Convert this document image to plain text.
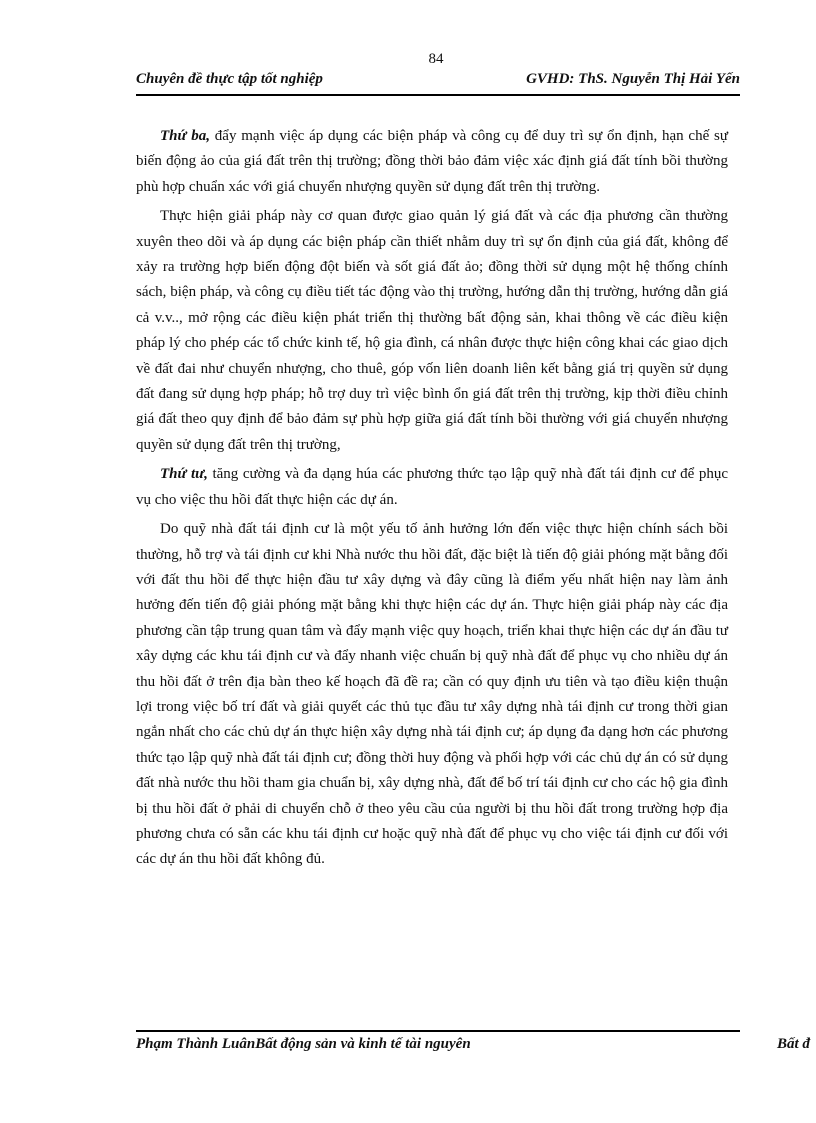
84
Chuyên đề thực tập tốt nghiệp	GVHD: ThS. Nguyễn Thị Hải Yến

Thứ ba, đẩy mạnh việc áp dụng các biện pháp và công cụ để duy trì sự ổn định, hạn chế sự biến động ảo của giá đất trên thị trường; đồng thời bảo đảm việc xác định giá đất tính bồi thường phù hợp chuẩn xác với giá chuyển nhượng quyền sử dụng đất trên thị trường.

Thực hiện giải pháp này cơ quan được giao quản lý giá đất và các địa phương cần thường xuyên theo dõi và áp dụng các biện pháp cần thiết nhằm duy trì sự ổn định của giá đất, không để xảy ra trường hợp biến động đột biến và sốt giá đất ảo; đồng thời sử dụng một hệ thống chính sách, biện pháp, và công cụ điều tiết tác động vào thị trường, hướng dẫn thị trường, hướng dẫn giá cả v.v.., mở rộng các điều kiện phát triển thị thường bất động sản, khai thông về các điều kiện pháp lý cho phép các tổ chức kinh tế, hộ gia đình, cá nhân được thực hiện công khai các giao dịch về đất đai như chuyển nhượng, cho thuê, góp vốn liên doanh liên kết bằng giá trị quyền sử dụng đất đang sử dụng hợp pháp; hỗ trợ duy trì việc bình ổn giá đất trên thị trường, kịp thời điều chỉnh giá đất theo quy định để bảo đảm sự phù hợp giữa giá đất tính bồi thường với giá chuyển nhượng quyền sử dụng đất trên thị trường,

Thứ tư, tăng cường và đa dạng húa các phương thức tạo lập quỹ nhà đất tái định cư để phục vụ cho việc thu hồi đất thực hiện các dự án.

Do quỹ nhà đất tái định cư là một yếu tố ảnh hưởng lớn đến việc thực hiện chính sách bồi thường, hỗ trợ và tái định cư khi Nhà nước thu hồi đất, đặc biệt là tiến độ giải phóng mặt bằng đối với đất thu hồi để thực hiện đầu tư xây dựng và đây cũng là điểm yếu nhất hiện nay làm ảnh hưởng đến tiến độ giải phóng mặt bằng khi thực hiện các dự án. Thực hiện giải pháp này các địa phương cần tập trung quan tâm và đẩy mạnh việc quy hoạch, triển khai thực hiện các dự án đầu tư xây dựng các khu tái định cư và đẩy nhanh việc chuẩn bị quỹ nhà đất để phục vụ cho nhiều dự án thu hồi đất ở trên địa bàn theo kế hoạch đã đề ra; cần có quy định ưu tiên và tạo điều kiện thuận lợi trong việc bố trí đất và giải quyết các thủ tục đầu tư xây dựng nhà tái định cư trong thời gian ngắn nhất cho các chủ dự án thực hiện xây dựng nhà tái định cư; áp dụng đa dạng hơn các phương thức tạo lập quỹ nhà đất tái định cư; đồng thời huy động và phối hợp với các chủ dự án có sử dụng đất nhà nước thu hồi tham gia chuẩn bị, xây dựng nhà, đất để bố trí tái định cư cho các hộ gia đình bị thu hồi đất ở phải di chuyển chỗ ở theo yêu cầu của người bị thu hồi đất trong trường hợp địa phương chưa có sẵn các khu tái định cư hoặc quỹ nhà đất để phục vụ cho việc tái định cư đối với các dự án thu hồi đất không đủ.

Phạm Thành LuânBất động sản và kinh tế tài nguyên	Bất đ
